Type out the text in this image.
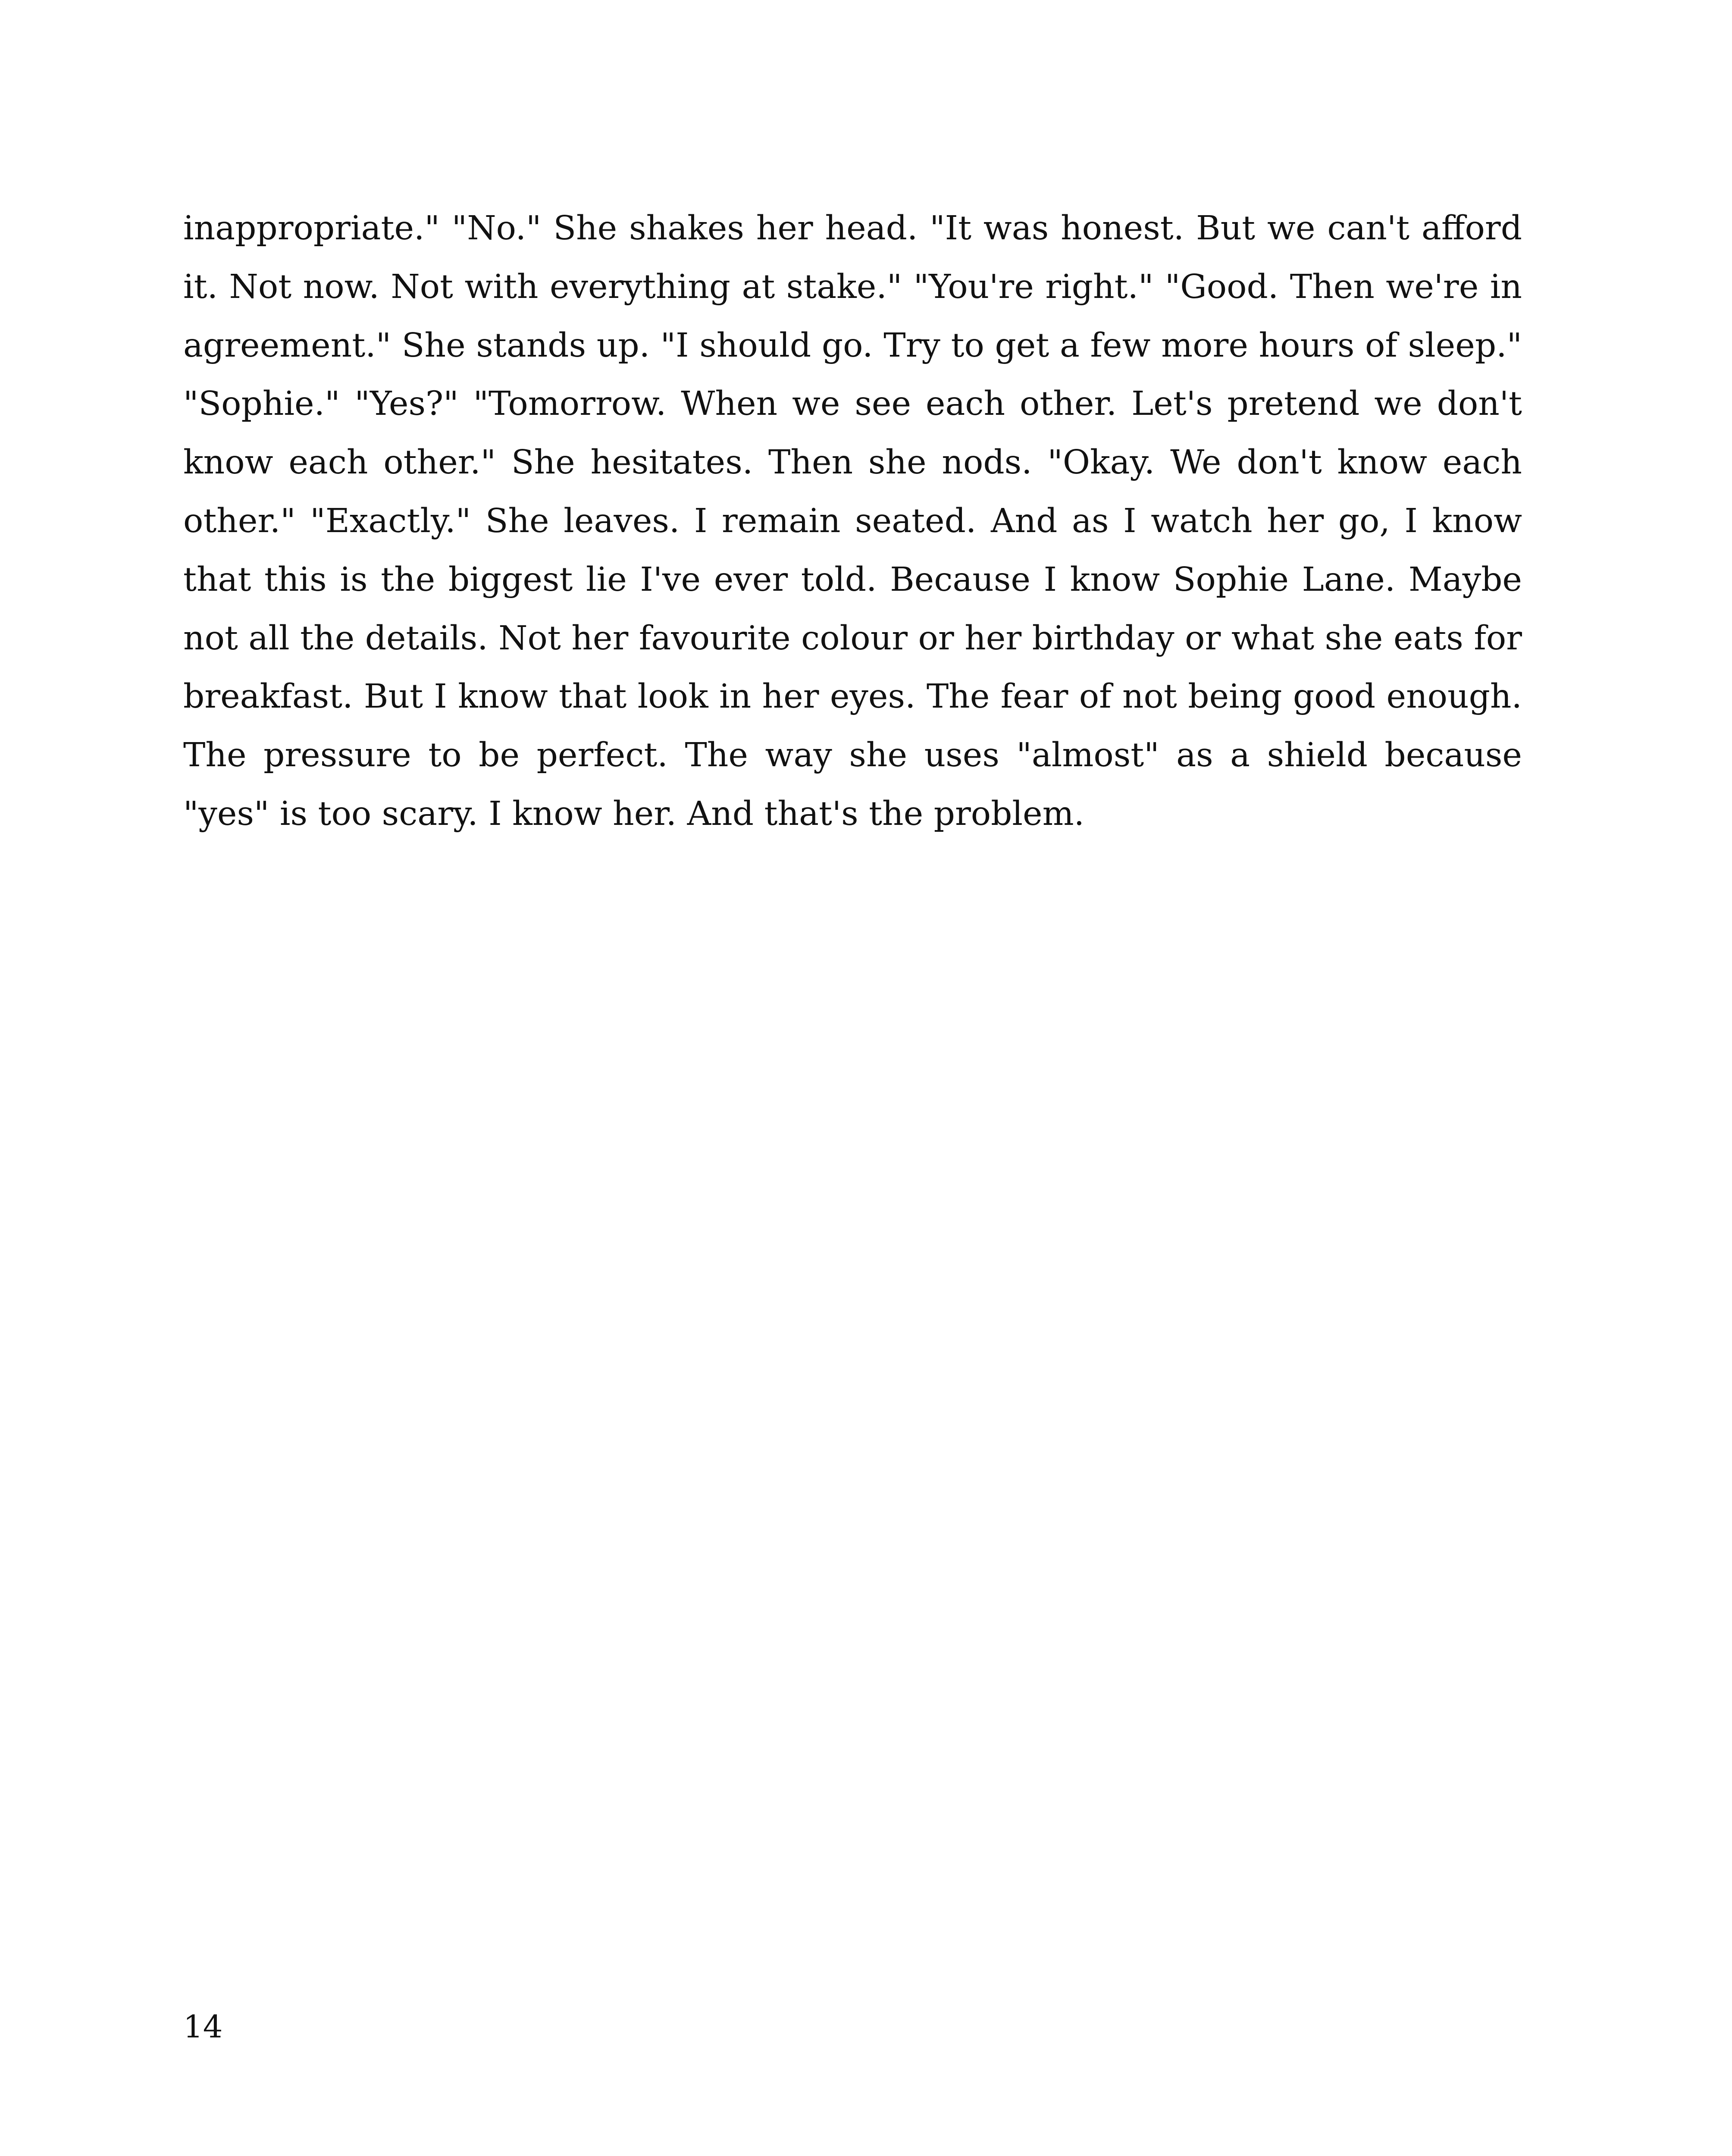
inappropriate." "No." She shakes her head. "It was honest. But we can't afford it. Not now. Not with everything at stake." "You're right." "Good. Then we're in agreement." She stands up. "I should go. Try to get a few more hours of sleep." "Sophie." "Yes?" "Tomorrow. When we see each other. Let's pretend we don't know each other." She hesitates. Then she nods. "Okay. We don't know each other." "Exactly." She leaves. I remain seated. And as I watch her go, I know that this is the biggest lie I've ever told. Because I know Sophie Lane. Maybe not all the details. Not her favourite colour or her birthday or what she eats for breakfast. But I know that look in her eyes. The fear of not being good enough. The pressure to be perfect. The way she uses "almost" as a shield because "yes" is too scary. I know her. And that's the problem.

14
